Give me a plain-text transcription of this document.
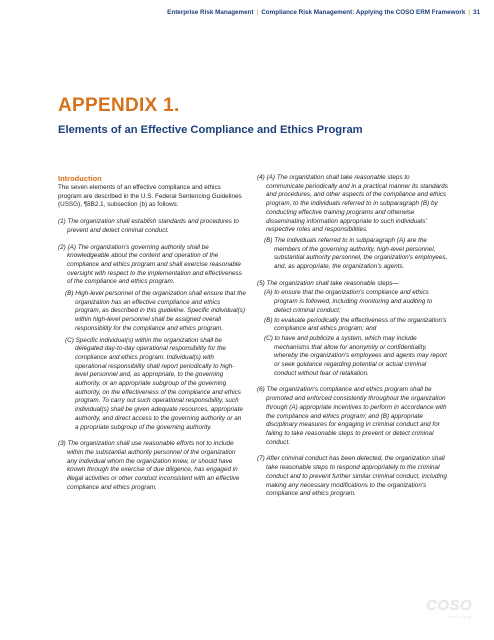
Enterprise Risk Management | Compliance Risk Management: Applying the COSO ERM Framework | 31
APPENDIX 1.
Elements of an Effective Compliance and Ethics Program
Introduction
The seven elements of an effective compliance and ethics program are described in the U.S. Federal Sentencing Guidelines (USSG), ¶8B2.1, subsection (b) as follows:
(1) The organization shall establish standards and procedures to prevent and detect criminal conduct.
(2) (A) The organization's governing authority shall be knowledgeable about the content and operation of the compliance and ethics program and shall exercise reasonable oversight with respect to the implementation and effectiveness of the compliance and ethics program.
(B) High-level personnel of the organization shall ensure that the organization has an effective compliance and ethics program, as described in this guideline. Specific individual(s) within high-level personnel shall be assigned overall responsibility for the compliance and ethics program.
(C) Specific individual(s) within the organization shall be delegated day-to-day operational responsibility for the compliance and ethics program. Individual(s) with operational responsibility shall report periodically to high-level personnel and, as appropriate, to the governing authority, or an appropriate subgroup of the governing authority, on the effectiveness of the compliance and ethics program. To carry out such operational responsibility, such individual(s) shall be given adequate resources, appropriate authority, and direct access to the governing authority or an a ppropriate subgroup of the governing authority.
(3) The organization shall use reasonable efforts not to include within the substantial authority personnel of the organization any individual whom the organization knew, or should have known through the exercise of due diligence, has engaged in illegal activities or other conduct inconsistent with an effective compliance and ethics program.
(4) (A) The organization shall take reasonable steps to communicate periodically and in a practical manner its standards and procedures, and other aspects of the compliance and ethics program, to the individuals referred to in subparagraph (B) by conducting effective training programs and otherwise disseminating information appropriate to such individuals' respective roles and responsibilities.
(B) The individuals referred to in subparagraph (A) are the members of the governing authority, high-level personnel, substantial authority personnel, the organization's employees, and, as appropriate, the organization's agents.
(5) The organization shall take reasonable steps—
(A) to ensure that the organization's compliance and ethics program is followed, including monitoring and auditing to detect criminal conduct;
(B) to evaluate periodically the effectiveness of the organization's compliance and ethics program; and
(C) to have and publicize a system, which may include mechanisms that allow for anonymity or confidentiality, whereby the organization's employees and agents may report or seek guidance regarding potential or actual criminal conduct without fear of retaliation.
(6) The organization's compliance and ethics program shall be promoted and enforced consistently throughout the organization through (A) appropriate incentives to perform in accordance with the compliance and ethics program; and (B) appropriate disciplinary measures for engaging in criminal conduct and for failing to take reasonable steps to prevent or detect criminal conduct.
(7) After criminal conduct has been detected, the organization shall take reasonable steps to respond appropriately to the criminal conduct and to prevent further similar criminal conduct, including making any necessary modifications to the organization's compliance and ethics program.
COSO
coso.org
